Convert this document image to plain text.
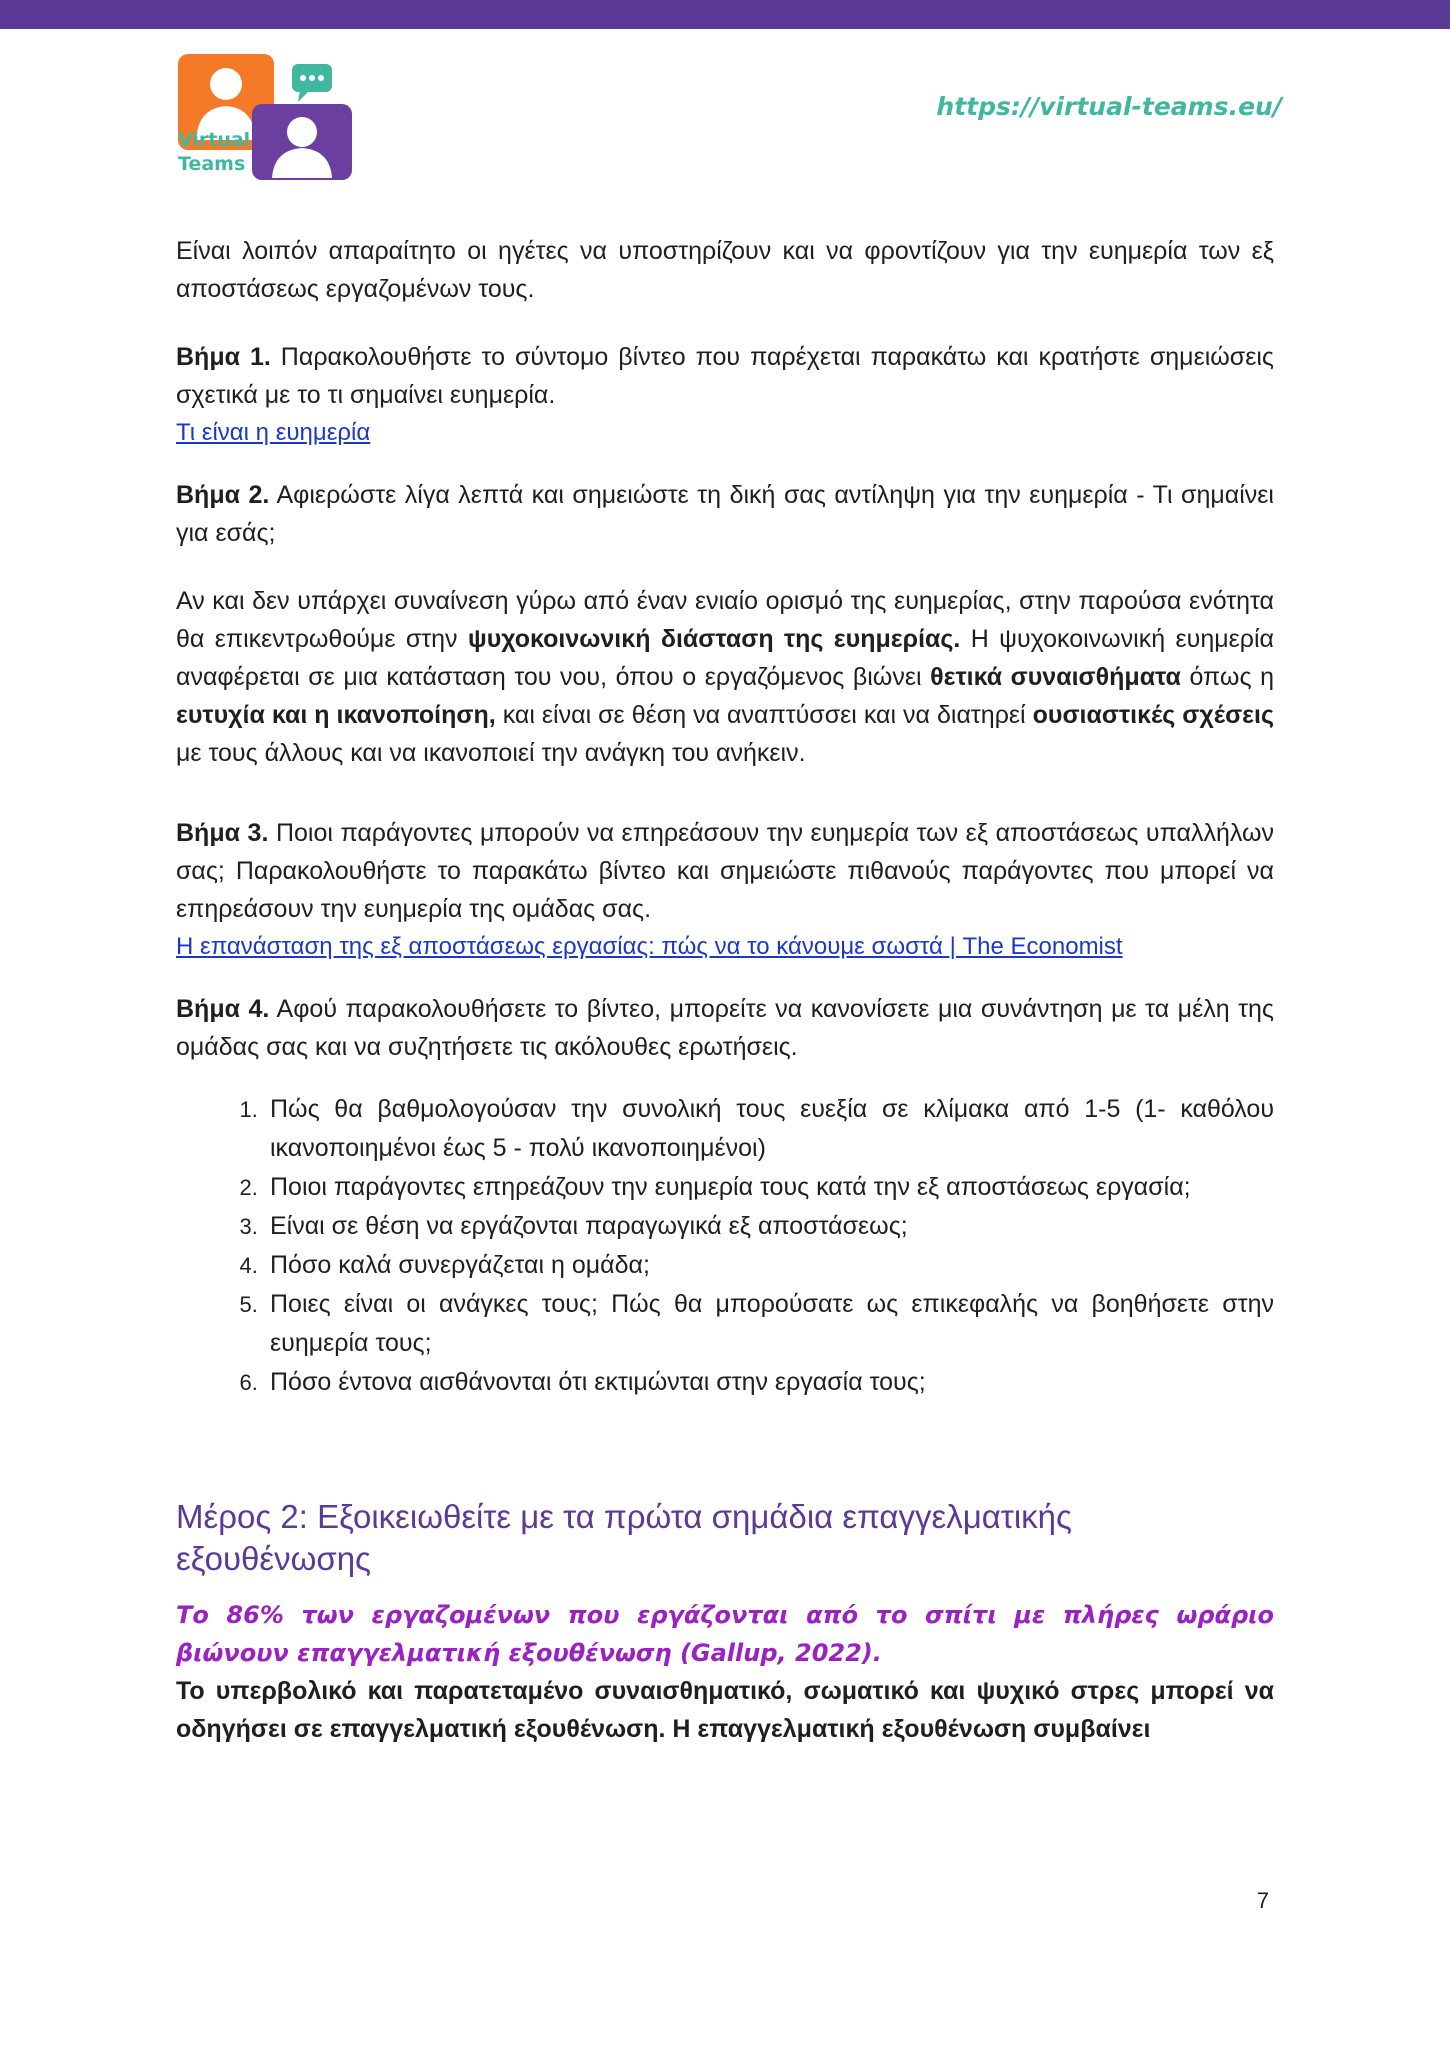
Virtual
Teams
https://virtual-teams.eu/

Είναι λοιπόν απαραίτητο οι ηγέτες να υποστηρίζουν και να φροντίζουν για την ευημερία των εξ αποστάσεως εργαζομένων τους.

Βήμα 1. Παρακολουθήστε το σύντομο βίντεο που παρέχεται παρακάτω και κρατήστε σημειώσεις σχετικά με το τι σημαίνει ευημερία.

Τι είναι η ευημερία

Βήμα 2. Αφιερώστε λίγα λεπτά και σημειώστε τη δική σας αντίληψη για την ευημερία - Τι σημαίνει για εσάς;

Αν και δεν υπάρχει συναίνεση γύρω από έναν ενιαίο ορισμό της ευημερίας, στην παρούσα ενότητα θα επικεντρωθούμε στην ψυχοκοινωνική διάσταση της ευημερίας. Η ψυχοκοινωνική ευημερία αναφέρεται σε μια κατάσταση του νου, όπου ο εργαζόμενος βιώνει θετικά συναισθήματα όπως η ευτυχία και η ικανοποίηση, και είναι σε θέση να αναπτύσσει και να διατηρεί ουσιαστικές σχέσεις με τους άλλους και να ικανοποιεί την ανάγκη του ανήκειν.

Βήμα 3. Ποιοι παράγοντες μπορούν να επηρεάσουν την ευημερία των εξ αποστάσεως υπαλλήλων σας; Παρακολουθήστε το παρακάτω βίντεο και σημειώστε πιθανούς παράγοντες που μπορεί να επηρεάσουν την ευημερία της ομάδας σας.

Η επανάσταση της εξ αποστάσεως εργασίας: πώς να το κάνουμε σωστά | The Economist

Βήμα 4. Αφού παρακολουθήσετε το βίντεο, μπορείτε να κανονίσετε μια συνάντηση με τα μέλη της ομάδας σας και να συζητήσετε τις ακόλουθες ερωτήσεις.

1. Πώς θα βαθμολογούσαν την συνολική τους ευεξία σε κλίμακα από 1-5 (1- καθόλου ικανοποιημένοι έως 5 - πολύ ικανοποιημένοι)
2. Ποιοι παράγοντες επηρεάζουν την ευημερία τους κατά την εξ αποστάσεως εργασία;
3. Είναι σε θέση να εργάζονται παραγωγικά εξ αποστάσεως;
4. Πόσο καλά συνεργάζεται η ομάδα;
5. Ποιες είναι οι ανάγκες τους; Πώς θα μπορούσατε ως επικεφαλής να βοηθήσετε στην ευημερία τους;
6. Πόσο έντονα αισθάνονται ότι εκτιμώνται στην εργασία τους;
Μέρος 2: Εξοικειωθείτε με τα πρώτα σημάδια επαγγελματικής εξουθένωσης

Το 86% των εργαζομένων που εργάζονται από το σπίτι με πλήρες ωράριο βιώνουν επαγγελματική εξουθένωση (Gallup, 2022).

Το υπερβολικό και παρατεταμένο συναισθηματικό, σωματικό και ψυχικό στρες μπορεί να οδηγήσει σε επαγγελματική εξουθένωση. Η επαγγελματική εξουθένωση συμβαίνει

7
